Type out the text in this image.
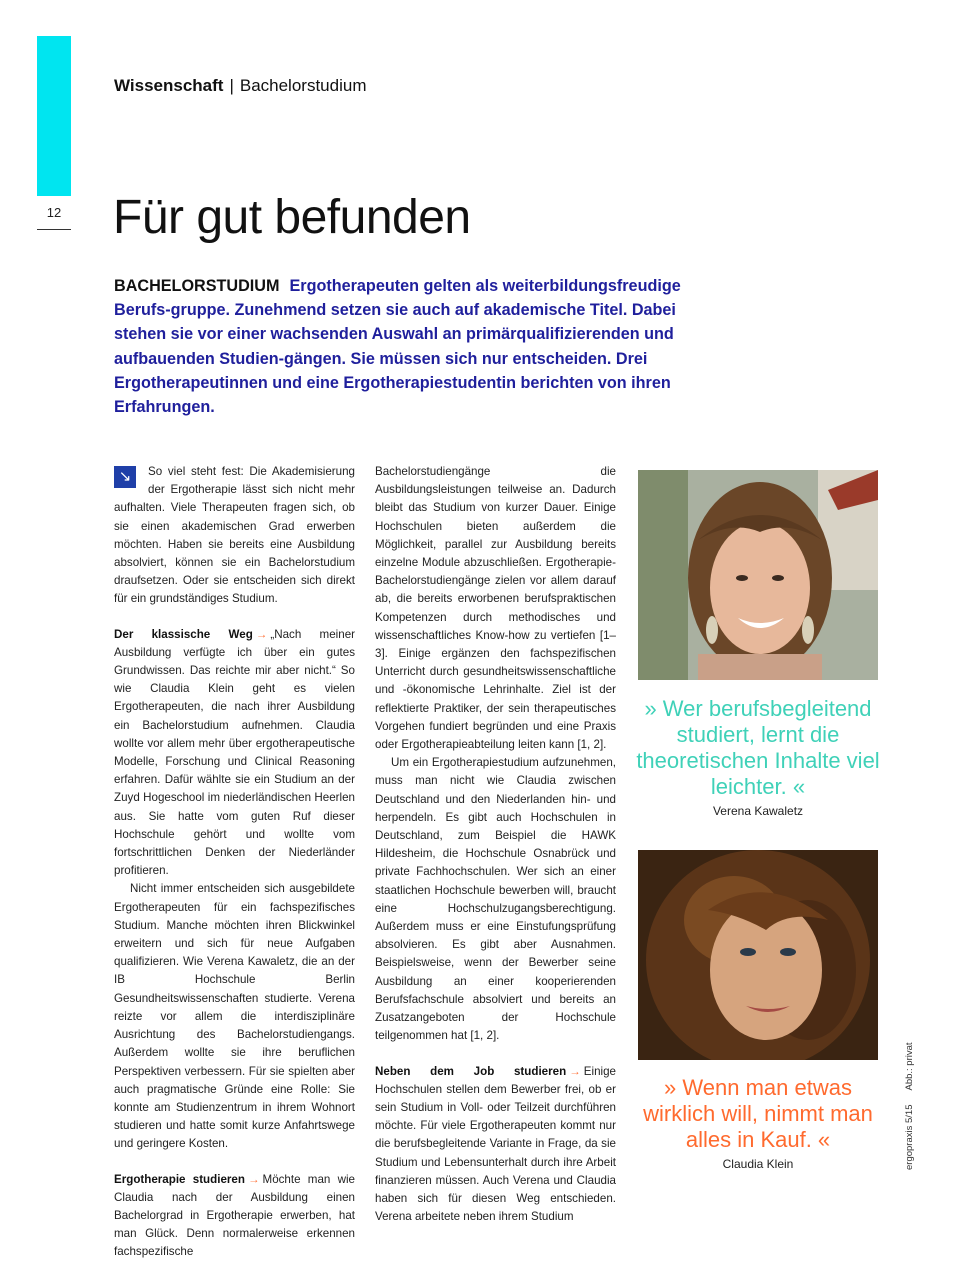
12
Wissenschaft | Bachelorstudium
Für gut befunden
BACHELORSTUDIUM Ergotherapeuten gelten als weiterbildungsfreudige Berufs-gruppe. Zunehmend setzen sie auch auf akademische Titel. Dabei stehen sie vor einer wachsenden Auswahl an primärqualifizierenden und aufbauenden Studien-gängen. Sie müssen sich nur entscheiden. Drei Ergotherapeutinnen und eine Ergotherapiestudentin berichten von ihren Erfahrungen.

↘	So viel steht fest: Die Akademisierung der Ergotherapie lässt sich nicht mehr aufhalten. Viele Therapeuten fragen sich, ob sie einen akademischen Grad erwerben möchten. Haben sie bereits eine Ausbildung absolviert, können sie ein Bachelorstudium draufsetzen. Oder sie entscheiden sich direkt für ein grundständiges Studium.

Der klassische Weg → „Nach meiner Ausbildung verfügte ich über ein gutes Grundwissen. Das reichte mir aber nicht.“ So wie Claudia Klein geht es vielen Ergotherapeuten, die nach ihrer Ausbildung ein Bachelorstudium aufnehmen. Claudia wollte vor allem mehr über ergotherapeutische Modelle, Forschung und Clinical Reasoning erfahren. Dafür wählte sie ein Studium an der Zuyd Hogeschool im niederländischen Heerlen aus. Sie hatte vom guten Ruf dieser Hochschule gehört und wollte vom fortschrittlichen Denken der Niederländer profitieren.

Nicht immer entscheiden sich ausgebildete Ergotherapeuten für ein fachspezifisches Studium. Manche möchten ihren Blickwinkel erweitern und sich für neue Aufgaben qualifizieren. Wie Verena Kawaletz, die an der IB Hochschule Berlin Gesundheitswissenschaften studierte. Verena reizte vor allem die interdisziplinäre Ausrichtung des Bachelorstudiengangs. Außerdem wollte sie ihre beruflichen Perspektiven verbessern. Für sie spielten aber auch pragmatische Gründe eine Rolle: Sie konnte am Studienzentrum in ihrem Wohnort studieren und hatte somit kurze Anfahrtswege und geringere Kosten.

Ergotherapie studieren → Möchte man wie Claudia nach der Ausbildung einen Bachelorgrad in Ergotherapie erwerben, hat man Glück. Denn normalerweise erkennen fachspezifische

Bachelorstudiengänge die Ausbildungsleistungen teilweise an. Dadurch bleibt das Studium von kurzer Dauer. Einige Hochschulen bieten außerdem die Möglichkeit, parallel zur Ausbildung bereits einzelne Module abzuschließen. Ergotherapie-Bachelorstudiengänge zielen vor allem darauf ab, die bereits erworbenen berufspraktischen Kompetenzen durch methodisches und wissenschaftliches Know-how zu vertiefen [1–3]. Einige ergänzen den fachspezifischen Unterricht durch gesundheitswissenschaftliche und -ökonomische Lehrinhalte. Ziel ist der reflektierte Praktiker, der sein therapeutisches Vorgehen fundiert begründen und eine Praxis oder Ergotherapieabteilung leiten kann [1, 2].

Um ein Ergotherapiestudium aufzunehmen, muss man nicht wie Claudia zwischen Deutschland und den Niederlanden hin- und herpendeln. Es gibt auch Hochschulen in Deutschland, zum Beispiel die HAWK Hildesheim, die Hochschule Osnabrück und private Fachhochschulen. Wer sich an einer staatlichen Hochschule bewerben will, braucht eine Hochschulzugangsberechtigung. Außerdem muss er eine Einstufungsprüfung absolvieren. Es gibt aber Ausnahmen. Beispielsweise, wenn der Bewerber seine Ausbildung an einer kooperierenden Berufsfachschule absolviert und bereits an Zusatzangeboten der Hochschule teilgenommen hat [1, 2].

Neben dem Job studieren → Einige Hochschulen stellen dem Bewerber frei, ob er sein Studium in Voll- oder Teilzeit durchführen möchte. Für viele Ergotherapeuten kommt nur die berufsbegleitende Variante in Frage, da sie Studium und Lebensunterhalt durch ihre Arbeit finanzieren müssen. Auch Verena und Claudia haben sich für diesen Weg entschieden. Verena arbeitete neben ihrem Studium

» Wer berufsbegleitend studiert, lernt die theoretischen Inhalte viel leichter. «
Verena Kawaletz
» Wenn man etwas wirklich will, nimmt man alles in Kauf. «
Claudia Klein	ergopraxis 5/15Abb.: privat
